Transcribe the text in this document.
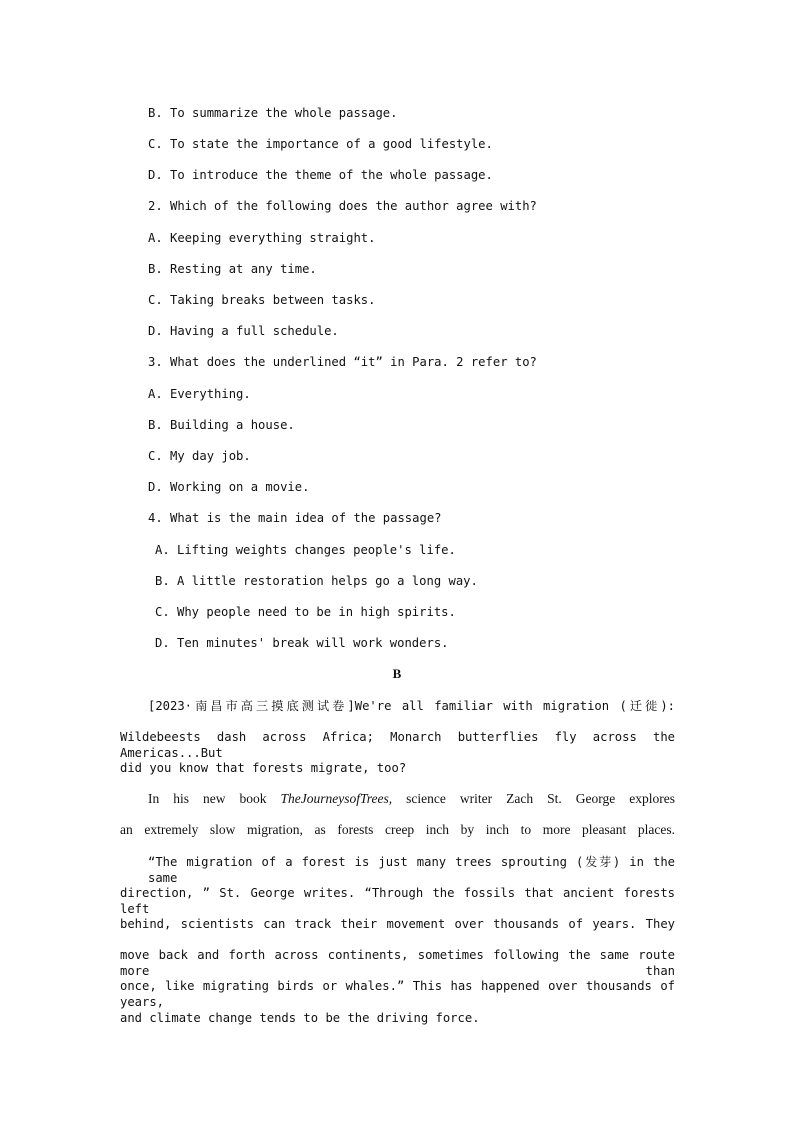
B. To summarize the whole passage.
C. To state the importance of a good lifestyle.
D. To introduce the theme of the whole passage.
2. Which of the following does the author agree with?
A. Keeping everything straight.
B. Resting at any time.
C. Taking breaks between tasks.
D. Having a full schedule.
3. What does the underlined “it” in Para. 2 refer to?
A. Everything.
B. Building a house.
C. My day job.
D. Working on a movie.
4. What is the main idea of the passage?
A. Lifting weights changes people's life.
B. A little restoration helps go a long way.
C. Why people need to be in high spirits.
D. Ten minutes' break will work wonders.
B
[2023·南昌市高三摸底测试卷]We're all familiar with migration (迁徙):
Wildebeests dash across Africa; Monarch butterflies fly across the Americas...But
did you know that forests migrate, too?
In his new book TheJourneysofTrees, science writer Zach St. George explores
an extremely slow migration, as forests creep inch by inch to more pleasant places.
“The migration of a forest is just many trees sprouting (发芽) in the same
direction, ” St. George writes. “Through the fossils that ancient forests left
behind, scientists can track their movement over thousands of years. They
move back and forth across continents, sometimes following the same route more than
once, like migrating birds or whales.” This has happened over thousands of years,
and climate change tends to be the driving force.
